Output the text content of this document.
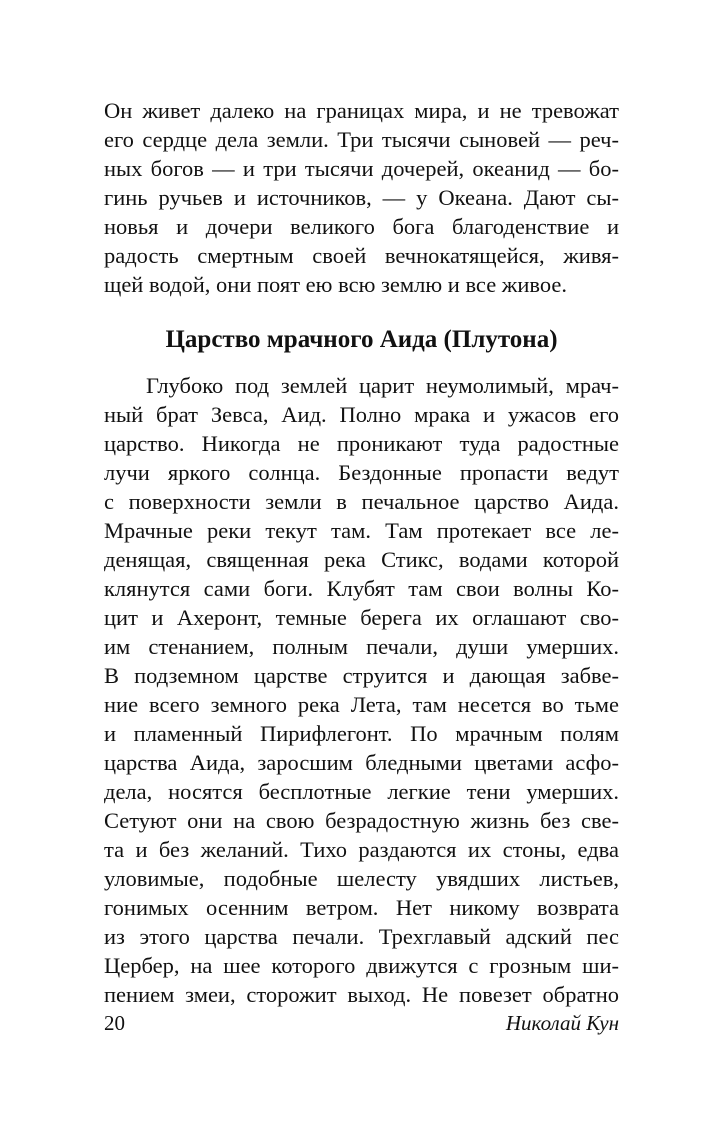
Он живет далеко на границах мира, и не тревожат
его сердце дела земли. Три тысячи сыновей — реч-
ных богов — и три тысячи дочерей, океанид — бо-
гинь ручьев и источников, — у Океана. Дают сы-
новья и дочери великого бога благоденствие и
радость смертным своей вечнокатящейся, живя-
щей водой, они поят ею всю землю и все живое.
Царство мрачного Аида (Плутона)
Глубоко под землей царит неумолимый, мрач-
ный брат Зевса, Аид. Полно мрака и ужасов его
царство. Никогда не проникают туда радостные
лучи яркого солнца. Бездонные пропасти ведут
с поверхности земли в печальное царство Аида.
Мрачные реки текут там. Там протекает все ле-
денящая, священная река Стикс, водами которой
клянутся сами боги. Клубят там свои волны Ко-
цит и Ахеронт, темные берега их оглашают сво-
им стенанием, полным печали, души умерших.
В подземном царстве струится и дающая забве-
ние всего земного река Лета, там несется во тьме
и пламенный Пирифлегонт. По мрачным полям
царства Аида, заросшим бледными цветами асфо-
дела, носятся бесплотные легкие тени умерших.
Сетуют они на свою безрадостную жизнь без све-
та и без желаний. Тихо раздаются их стоны, едва
уловимые, подобные шелесту увядших листьев,
гонимых осенним ветром. Нет никому возврата
из этого царства печали. Трехглавый адский пес
Цербер, на шее которого движутся с грозным ши-
пением змеи, сторожит выход. Не повезет обратно
20	Николай Кун
